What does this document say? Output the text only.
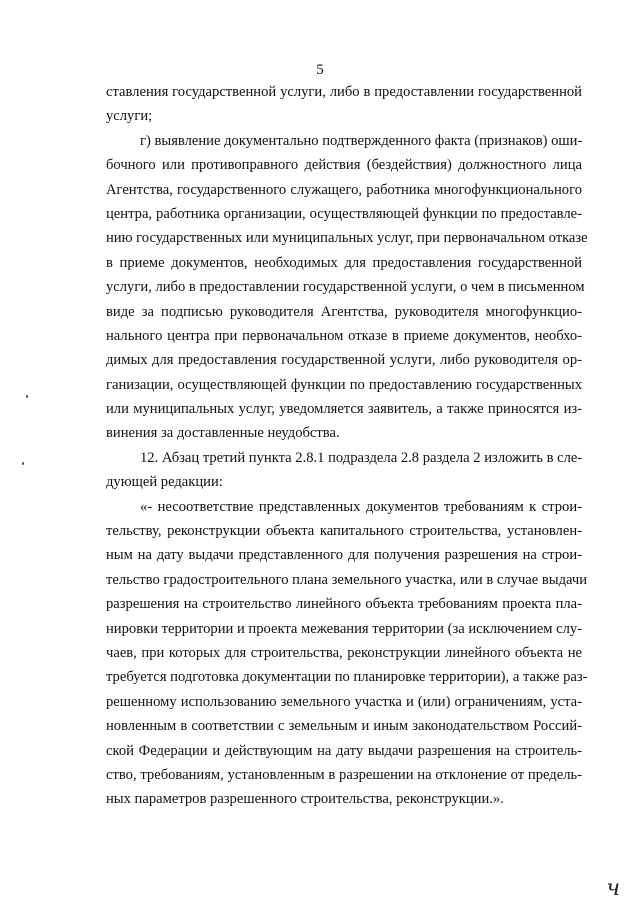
5
ставления государственной услуги, либо в предоставлении государственной
услуги;
г) выявление документально подтвержденного факта (признаков) оши-
бочного или противоправного действия (бездействия) должностного лица
Агентства, государственного служащего, работника многофункционального
центра, работника организации, осуществляющей функции по предоставле-
нию государственных или муниципальных услуг, при первоначальном отказе
в приеме документов, необходимых для предоставления государственной
услуги, либо в предоставлении государственной услуги, о чем в письменном
виде за подписью руководителя Агентства, руководителя многофункцио-
нального центра при первоначальном отказе в приеме документов, необхо-
димых для предоставления государственной услуги, либо руководителя ор-
ганизации, осуществляющей функции по предоставлению государственных
или муниципальных услуг, уведомляется заявитель, а также приносятся из-
винения за доставленные неудобства.
12. Абзац третий пункта 2.8.1 подраздела 2.8 раздела 2 изложить в сле-
дующей редакции:
«- несоответствие представленных документов требованиям к строи-
тельству, реконструкции объекта капитального строительства, установлен-
ным на дату выдачи представленного для получения разрешения на строи-
тельство градостроительного плана земельного участка, или в случае выдачи
разрешения на строительство линейного объекта требованиям проекта пла-
нировки территории и проекта межевания территории (за исключением слу-
чаев, при которых для строительства, реконструкции линейного объекта не
требуется подготовка документации по планировке территории), а также раз-
решенному использованию земельного участка и (или) ограничениям, уста-
новленным в соответствии с земельным и иным законодательством Россий-
ской Федерации и действующим на дату выдачи разрешения на строитель-
ство, требованиям, установленным в разрешении на отклонение от предель-
ных параметров разрешенного строительства, реконструкции.».
ч
